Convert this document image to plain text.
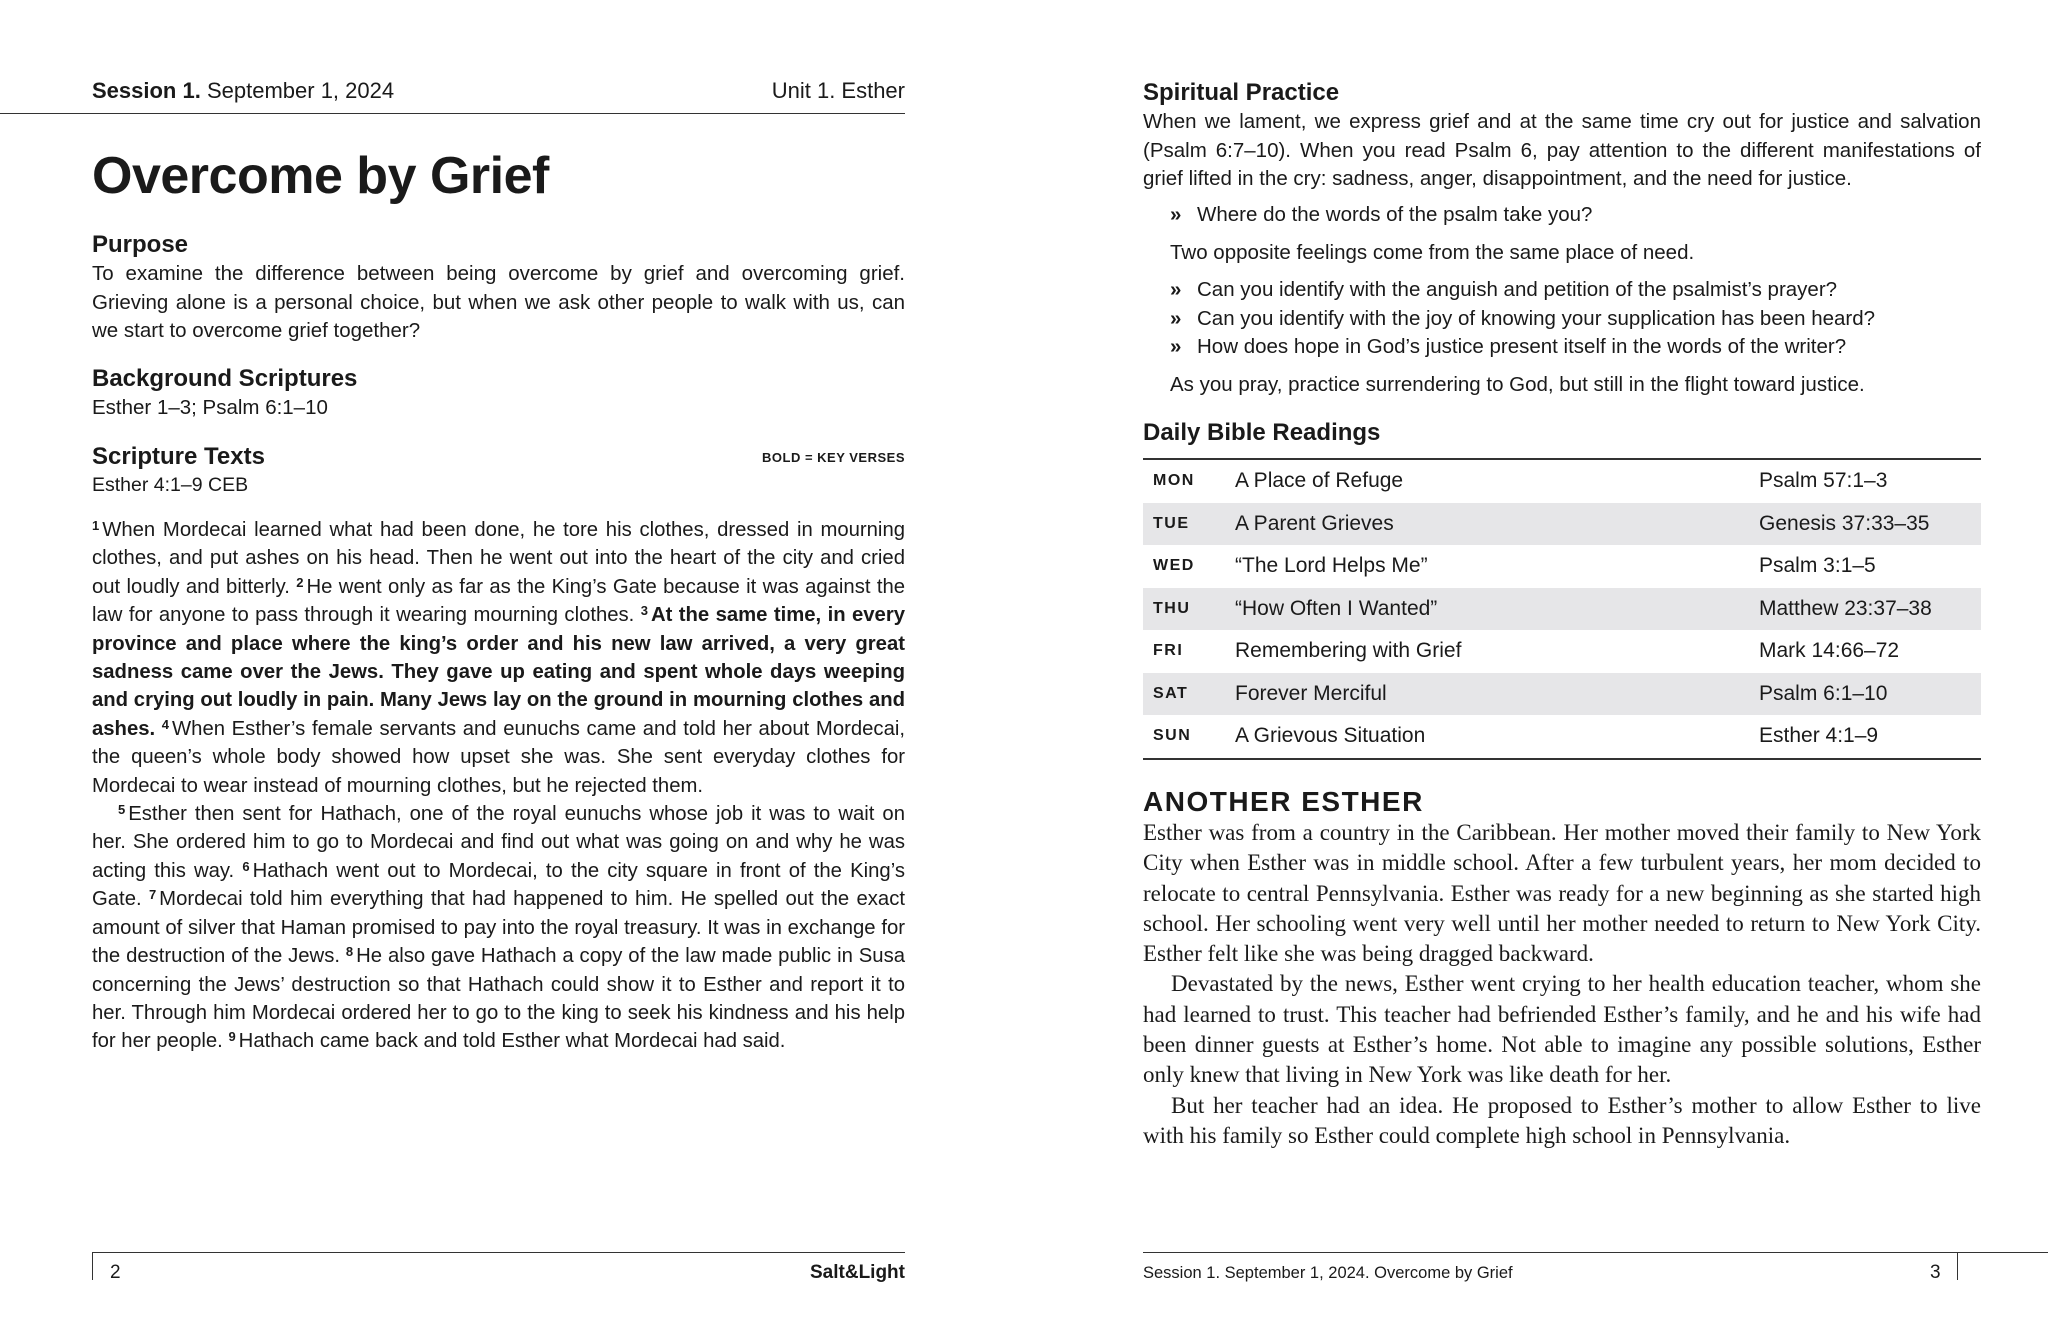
Session 1. September 1, 2024	Unit 1. Esther
Overcome by Grief
Purpose

To examine the difference between being overcome by grief and overcoming grief. Grieving alone is a personal choice, but when we ask other people to walk with us, can we start to overcome grief together?

Background Scriptures

Esther 1–3; Psalm 6:1–10

Scripture Texts	BOLD = KEY VERSES

Esther 4:1–9 CEB

$^1$ When Mordecai learned what had been done, he tore his clothes, dressed in mourning clothes, and put ashes on his head. Then he went out into the heart of the city and cried out loudly and bitterly. $^2$ He went only as far as the King’s Gate because it was against the law for anyone to pass through it wearing mourning clothes. $^3$ At the same time, in every province and place where the king’s order and his new law arrived, a very great sadness came over the Jews. They gave up eating and spent whole days weeping and crying out loudly in pain. Many Jews lay on the ground in mourning clothes and ashes. $^4$ When Esther’s female servants and eunuchs came and told her about Mordecai, the queen’s whole body showed how upset she was. She sent everyday clothes for Mordecai to wear instead of mourning clothes, but he rejected them.

$^5$ Esther then sent for Hathach, one of the royal eunuchs whose job it was to wait on her. She ordered him to go to Mordecai and find out what was going on and why he was acting this way. $^6$ Hathach went out to Mordecai, to the city square in front of the King’s Gate. $^7$ Mordecai told him everything that had happened to him. He spelled out the exact amount of silver that Haman promised to pay into the royal treasury. It was in exchange for the destruction of the Jews. $^8$ He also gave Hathach a copy of the law made public in Susa concerning the Jews’ destruction so that Hathach could show it to Esther and report it to her. Through him Mordecai ordered her to go to the king to seek his kindness and his help for her people. $^9$ Hathach came back and told Esther what Mordecai had said.

2	Salt&Light
Spiritual Practice

When we lament, we express grief and at the same time cry out for justice and salvation (Psalm 6:7–10). When you read Psalm 6, pay attention to the different manifestations of grief lifted in the cry: sadness, anger, disappointment, and the need for justice.

» Where do the words of the psalm take you?

Two opposite feelings come from the same place of need.

» Can you identify with the anguish and petition of the psalmist’s prayer?
» Can you identify with the joy of knowing your supplication has been heard?
» How does hope in God’s justice present itself in the words of the writer?

As you pray, practice surrendering to God, but still in the flight toward justice.

Daily Bible Readings
MON	A Place of Refuge	Psalm 57:1–3
TUE	A Parent Grieves	Genesis 37:33–35
WED	“The Lord Helps Me”	Psalm 3:1–5
THU	“How Often I Wanted”	Matthew 23:37–38
FRI	Remembering with Grief	Mark 14:66–72
SAT	Forever Merciful	Psalm 6:1–10
SUN	A Grievous Situation	Esther 4:1–9
ANOTHER ESTHER

Esther was from a country in the Caribbean. Her mother moved their family to New York City when Esther was in middle school. After a few turbulent years, her mom decided to relocate to central Pennsylvania. Esther was ready for a new beginning as she started high school. Her schooling went very well until her mother needed to return to New York City. Esther felt like she was being dragged backward.

Devastated by the news, Esther went crying to her health education teacher, whom she had learned to trust. This teacher had befriended Esther’s family, and he and his wife had been dinner guests at Esther’s home. Not able to imagine any possible solutions, Esther only knew that living in New York was like death for her.

But her teacher had an idea. He proposed to Esther’s mother to allow Esther to live with his family so Esther could complete high school in Pennsylvania.

Session 1. September 1, 2024. Overcome by Grief	3
